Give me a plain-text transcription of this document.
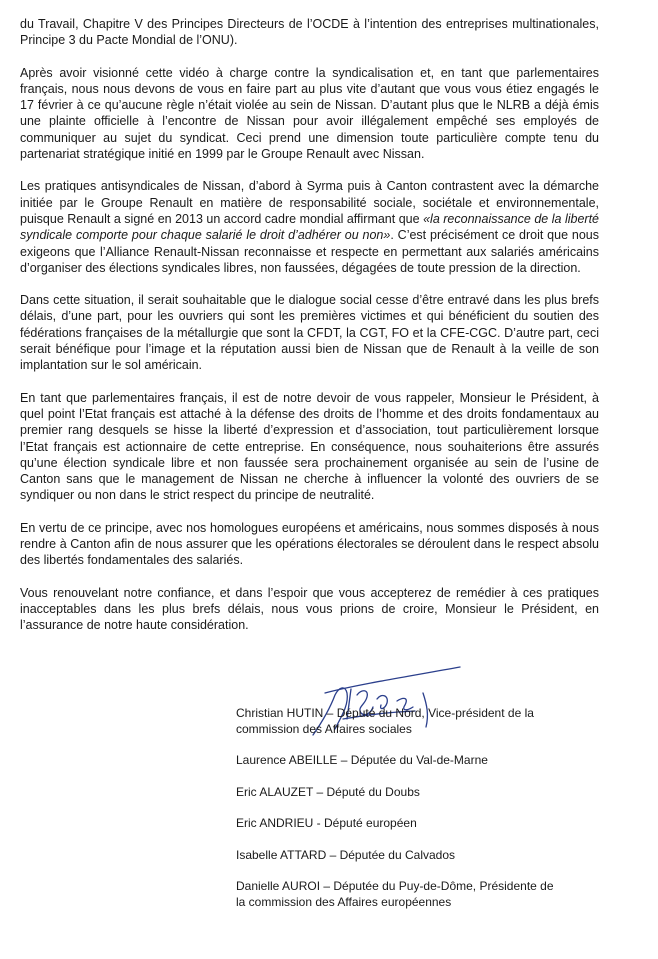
du Travail, Chapitre V des Principes Directeurs de l’OCDE à l’intention des entreprises multinationales, Principe 3 du Pacte Mondial de l’ONU).

Après avoir visionné cette vidéo à charge contre la syndicalisation et, en tant que parlementaires français, nous nous devons de vous en faire part au plus vite d’autant que vous vous étiez engagés le 17 février à ce qu’aucune règle n’était violée au sein de Nissan. D’autant plus que le NLRB a déjà émis une plainte officielle à l’encontre de Nissan pour avoir illégalement empêché ses employés de communiquer au sujet du syndicat. Ceci prend une dimension toute particulière compte tenu du partenariat stratégique initié en 1999 par le Groupe Renault avec Nissan.

Les pratiques antisyndicales de Nissan, d’abord à Syrma puis à Canton contrastent avec la démarche initiée par le Groupe Renault en matière de responsabilité sociale, sociétale et environnementale, puisque Renault a signé en 2013 un accord cadre mondial affirmant que «la reconnaissance de la liberté syndicale comporte pour chaque salarié le droit d’adhérer ou non». C’est précisément ce droit que nous exigeons que l’Alliance Renault-Nissan reconnaisse et respecte en permettant aux salariés américains d’organiser des élections syndicales libres, non faussées, dégagées de toute pression de la direction.

Dans cette situation, il serait souhaitable que le dialogue social cesse d’être entravé dans les plus brefs délais, d’une part, pour les ouvriers qui sont les premières victimes et qui bénéficient du soutien des fédérations françaises de la métallurgie que sont la CFDT, la CGT, FO et la CFE-CGC. D’autre part, ceci serait bénéfique pour l’image et la réputation aussi bien de Nissan que de Renault à la veille de son implantation sur le sol américain.

En tant que parlementaires français, il est de notre devoir de vous rappeler, Monsieur le Président, à quel point l’Etat français est attaché à la défense des droits de l’homme et des droits fondamentaux au premier rang desquels se hisse la liberté d’expression et d’association, tout particulièrement lorsque l’Etat français est actionnaire de cette entreprise. En conséquence, nous souhaiterions être assurés qu’une élection syndicale libre et non faussée sera prochainement organisée au sein de l’usine de Canton sans que le management de Nissan ne cherche à influencer la volonté des ouvriers de se syndiquer ou non dans le strict respect du principe de neutralité.

En vertu de ce principe, avec nos homologues européens et américains, nous sommes disposés à nous rendre à Canton afin de nous assurer que les opérations électorales se déroulent dans le respect absolu des libertés fondamentales des salariés.

Vous renouvelant notre confiance, et dans l’espoir que vous accepterez de remédier à ces pratiques inacceptables dans les plus brefs délais, nous vous prions de croire, Monsieur le Président, en l’assurance de notre haute considération.

Christian HUTIN – Député du Nord, Vice-président de la
commission des Affaires sociales
Laurence ABEILLE – Députée du Val-de-Marne
Eric ALAUZET – Député du Doubs
Eric ANDRIEU - Député européen
Isabelle ATTARD – Députée du Calvados
Danielle AUROI – Députée du Puy-de-Dôme, Présidente de
la commission des Affaires européennes
